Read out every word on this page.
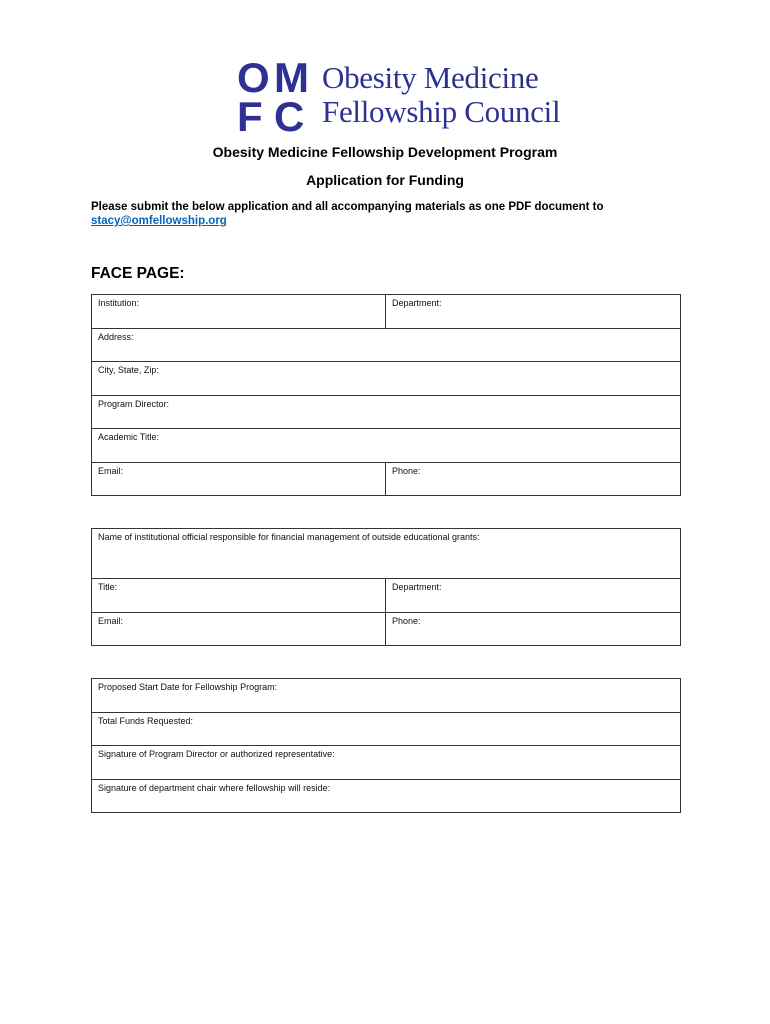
O M
F C
Obesity Medicine
Fellowship Council
Obesity Medicine Fellowship Development Program
Application for Funding
Please submit the below application and all accompanying materials as one PDF document to
stacy@omfellowship.org
FACE PAGE:
Institution:	Department:
Address:	
City, State, Zip:	
Program Director:	
Academic Title:	
Email:	Phone:
Name of institutional official responsible for financial management of outside educational grants:	
Title:	Department:
Email:	Phone:
Proposed Start Date for Fellowship Program:
Total Funds Requested:
Signature of Program Director or authorized representative:
Signature of department chair where fellowship will reside:
